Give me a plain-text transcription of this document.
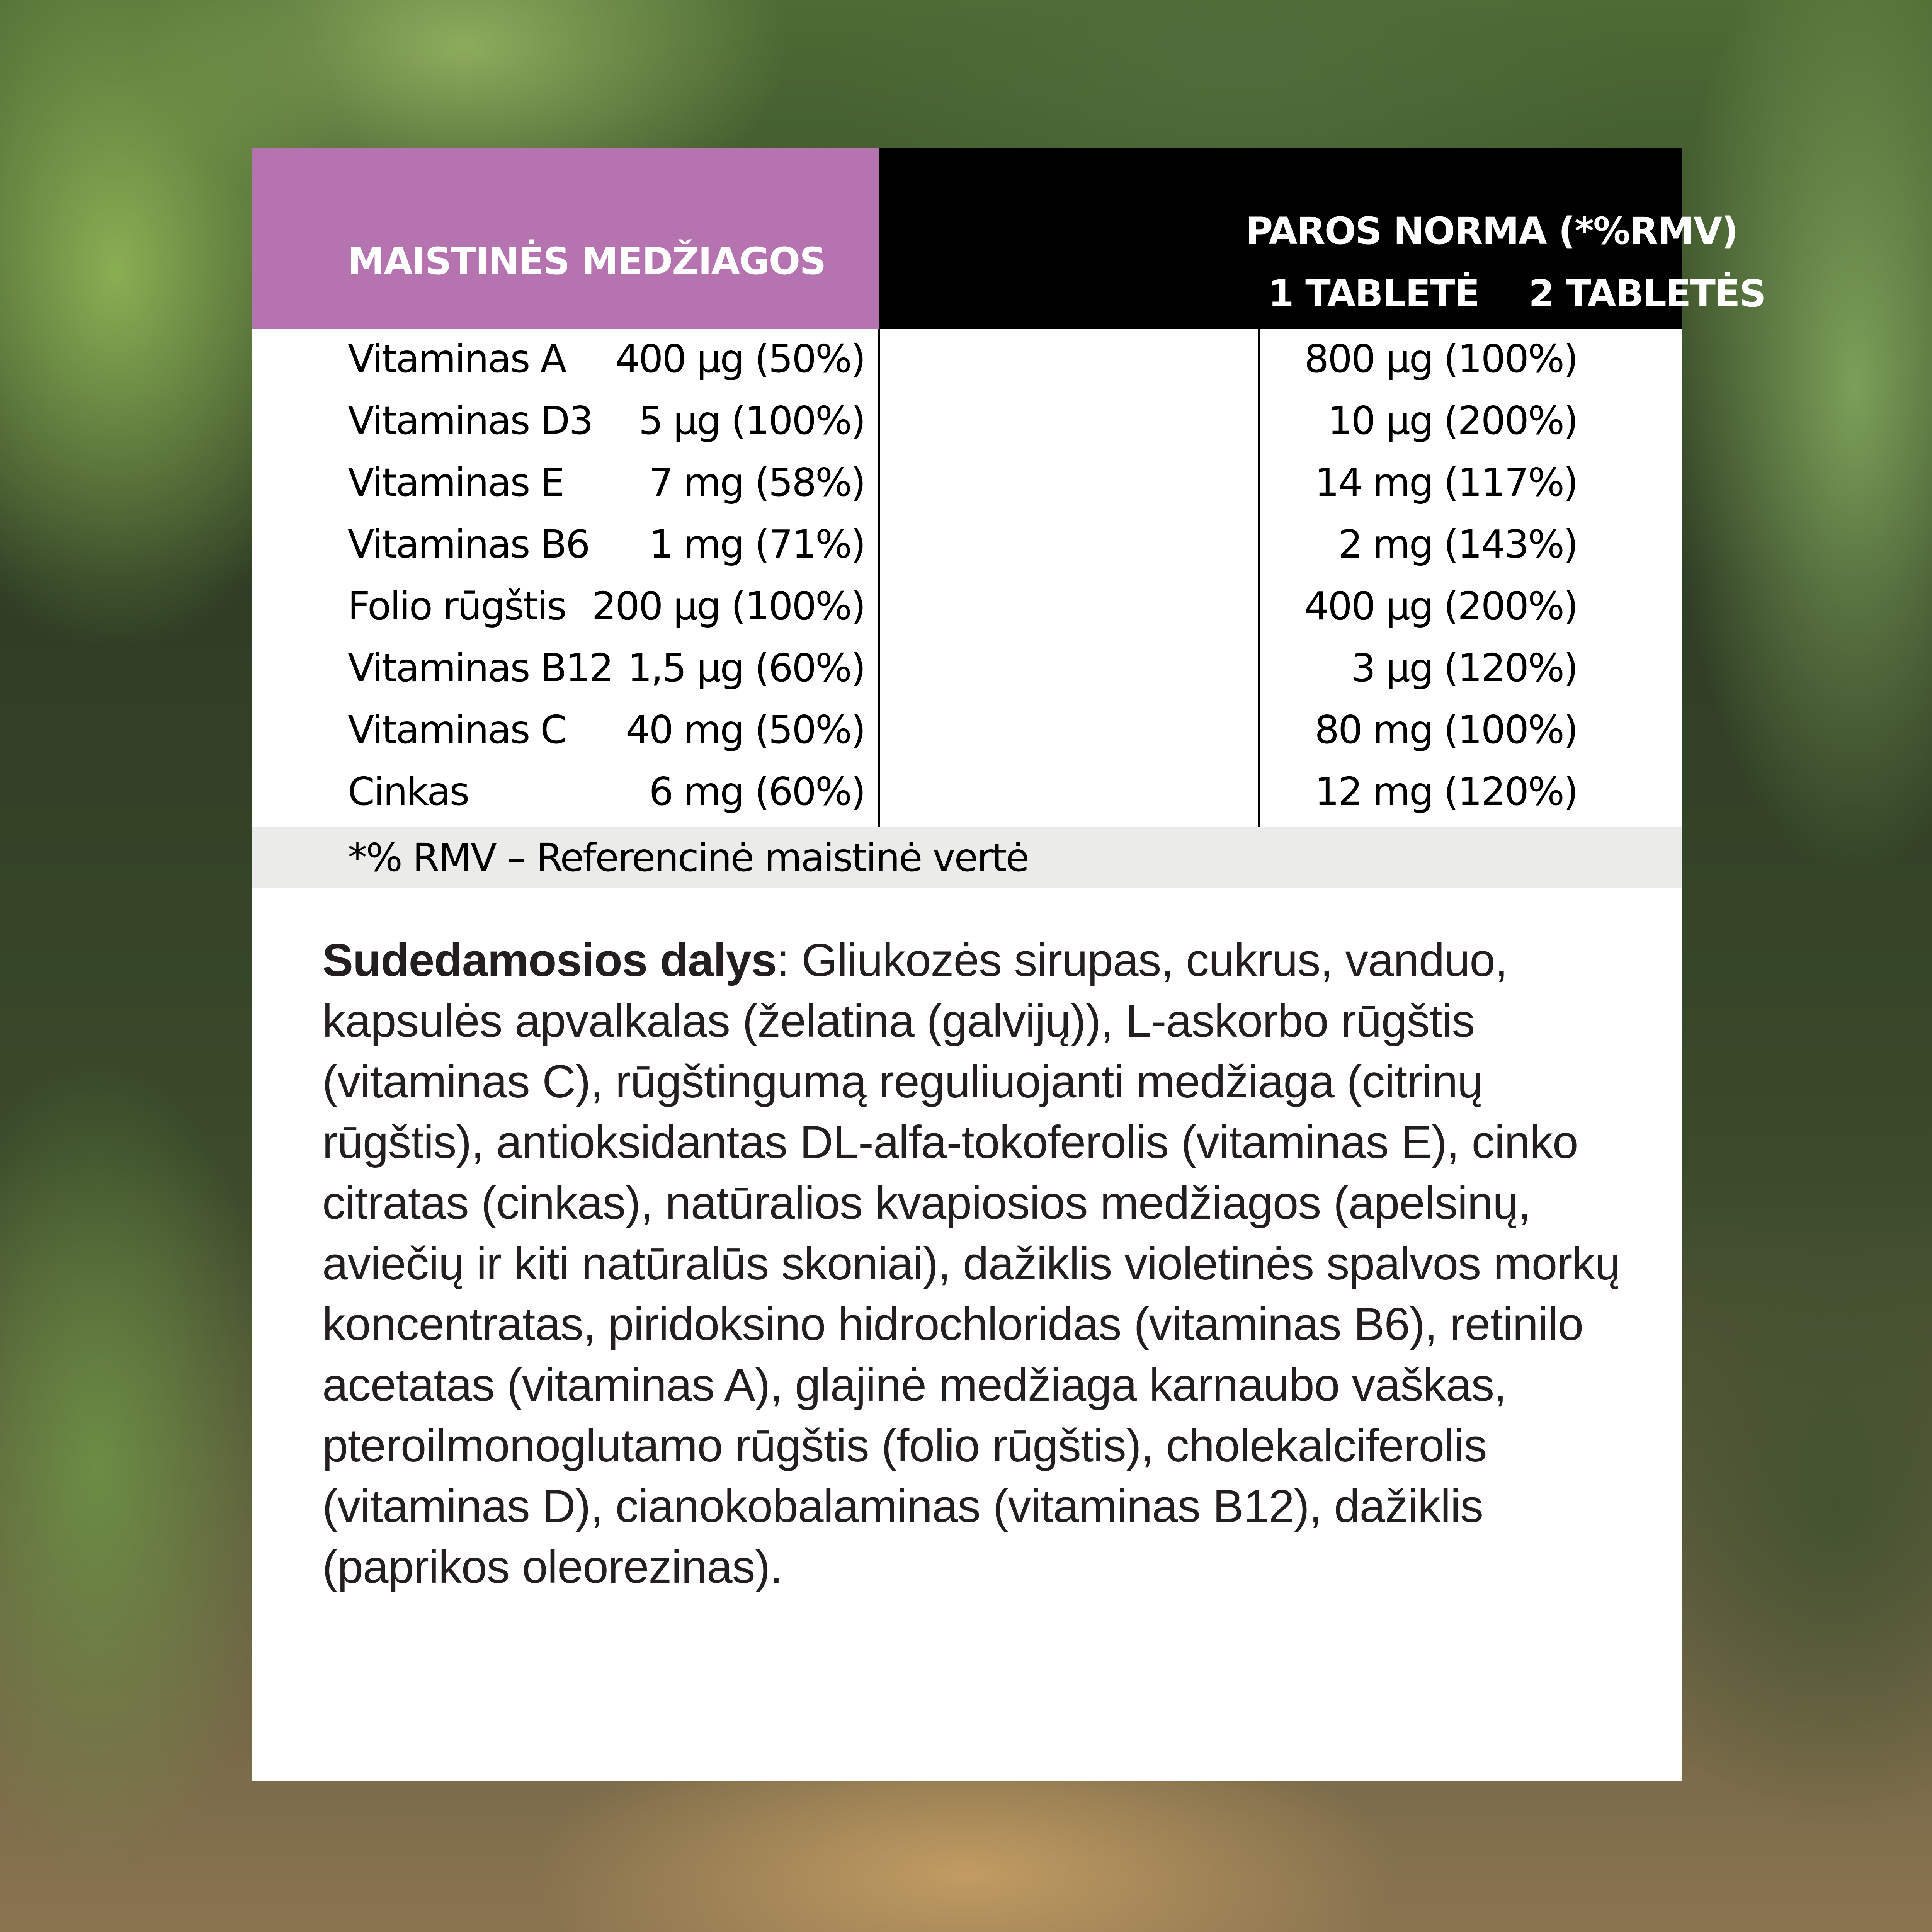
MAISTINĖS MEDŽIAGOS
PAROS NORMA (*%RMV)
1 TABLETĖ 2 TABLETĖS
Vitaminas A 400 µg (50%)	800 µg (100%)
Vitaminas D3 5 µg (100%)	10 µg (200%)
Vitaminas E 7 mg (58%)	14 mg (117%)
Vitaminas B6 1 mg (71%)	2 mg (143%)
Folio rūgštis 200 µg (100%)	400 µg (200%)
Vitaminas B12 1,5 µg (60%)	3 µg (120%)
Vitaminas C 40 mg (50%)	80 mg (100%)
Cinkas	6 mg (60%)	12 mg (120%)
*% RMV – Referencinė maistinė vertė
Sudedamosios dalys: Gliukozės sirupas, cukrus, vanduo, kapsulės apvalkalas (želatina (galvijų)), L-askorbo rūgštis (vitaminas C), rūgštingumą reguliuojanti medžiaga (citrinų rūgštis), antioksidantas DL-alfa-tokoferolis (vitaminas E), cinko citratas (cinkas), natūralios kvapiosios medžiagos (apelsinų, aviečių ir kiti natūralūs skoniai), dažiklis violetinės spalvos morkų koncentratas, piridoksino hidrochloridas (vitaminas B6), retinilo acetatas (vitaminas A), glajinė medžiaga karnaubo vaškas, pteroilmonoglutamo rūgštis (folio rūgštis), cholekalciferolis (vitaminas D), cianokobalaminas (vitaminas B12), dažiklis (paprikos oleorezinas).
